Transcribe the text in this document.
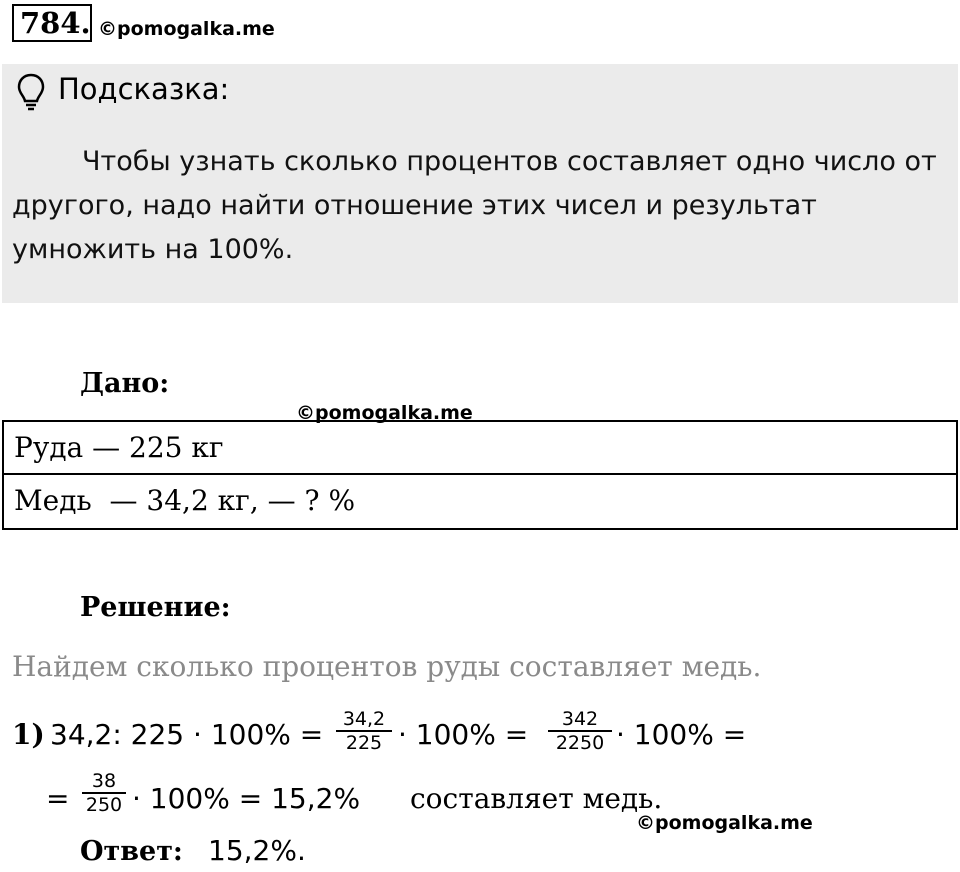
784. ©pomogalka.me
Подсказка:
Чтобы узнать сколько процентов составляет одно число от другого, надо найти отношение этих чисел и результат умножить на 100%.
Дано:
©pomogalka.me
Руда — 225 кг
Медь  — 34,2 кг, — ? %
Решение:
Найдем сколько процентов руды составляет медь.
1) 34,2: 225 · 100% =	34,2
225 · 100% =	342
2250 · 100% =
=
38
250 · 100% = 15,2% составляет медь.
©pomogalka.me
Ответ: 15,2%.
